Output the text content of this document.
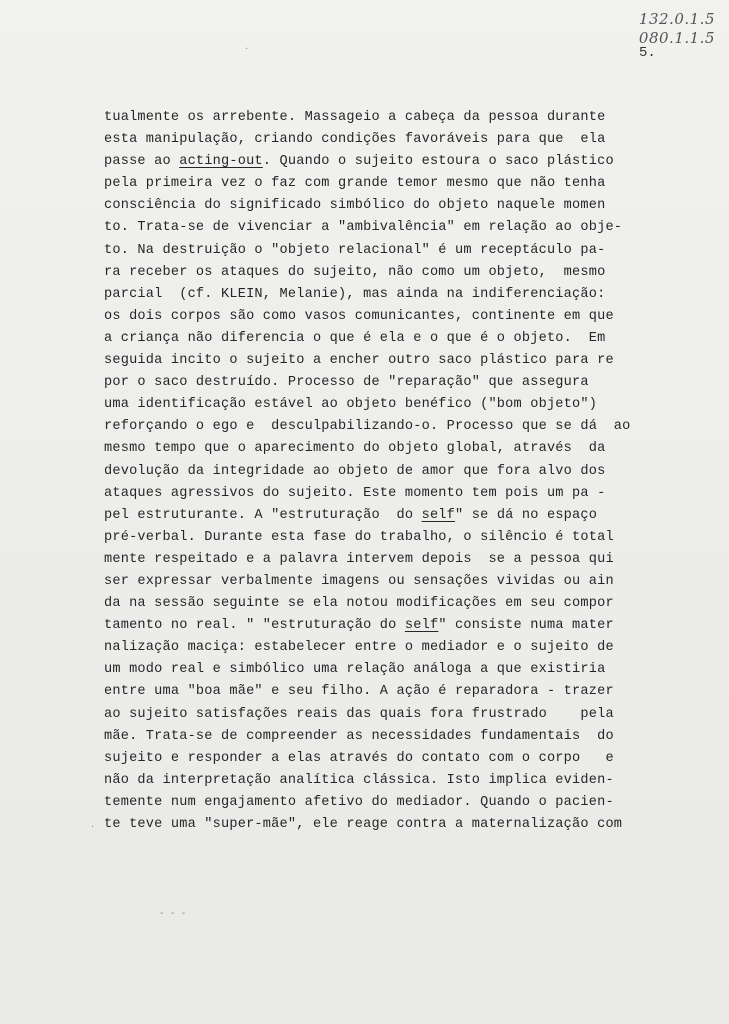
132.0.1.5
080.1.1.5
5.
tualmente os arrebente. Massageio a cabeça da pessoa durante
esta manipulação, criando condições favoráveis para que  ela
passe ao acting-out. Quando o sujeito estoura o saco plástico
pela primeira vez o faz com grande temor mesmo que não tenha
consciência do significado simbólico do objeto naquele momen
to. Trata-se de vivenciar a "ambivalência" em relação ao obje-
to. Na destruição o "objeto relacional" é um receptáculo pa-
ra receber os ataques do sujeito, não como um objeto,  mesmo
parcial  (cf. KLEIN, Melanie), mas ainda na indiferenciação:
os dois corpos são como vasos comunicantes, continente em que
a criança não diferencia o que é ela e o que é o objeto.  Em
seguida incito o sujeito a encher outro saco plástico para re
por o saco destruído. Processo de "reparação" que assegura
uma identificação estável ao objeto benéfico ("bom objeto")
reforçando o ego e  desculpabilizando-o. Processo que se dá  ao
mesmo tempo que o aparecimento do objeto global, através  da
devolução da integridade ao objeto de amor que fora alvo dos
ataques agressivos do sujeito. Este momento tem pois um pa -
pel estruturante. A "estruturação  do self" se dá no espaço
pré-verbal. Durante esta fase do trabalho, o silêncio é total
mente respeitado e a palavra intervem depois  se a pessoa qui
ser expressar verbalmente imagens ou sensações vividas ou ain
da na sessão seguinte se ela notou modificações em seu compor
tamento no real. " "estruturação do self" consiste numa mater
nalização maciça: estabelecer entre o mediador e o sujeito de
um modo real e simbólico uma relação análoga a que existiria
entre uma "boa mãe" e seu filho. A ação é reparadora - trazer
ao sujeito satisfações reais das quais fora frustrado    pela
mãe. Trata-se de compreender as necessidades fundamentais  do
sujeito e responder a elas através do contato com o corpo   e
não da interpretação analítica clássica. Isto implica eviden-
temente num engajamento afetivo do mediador. Quando o pacien-
te teve uma "super-mãe", ele reage contra a maternalização com
·
·
- - -
